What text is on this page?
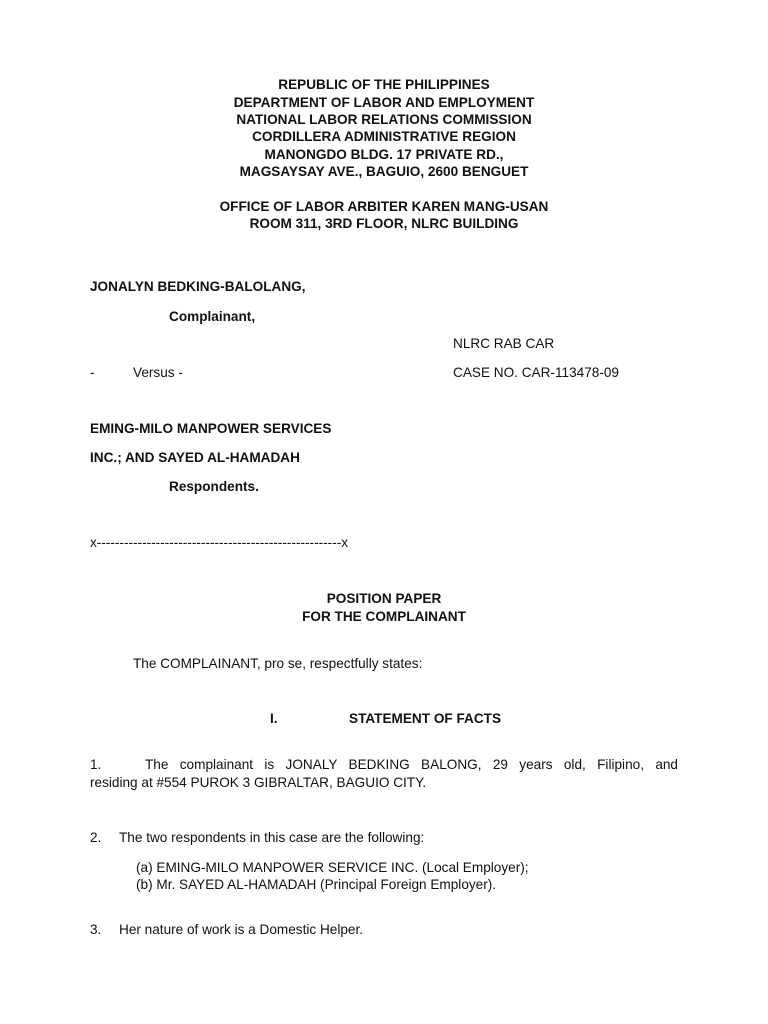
REPUBLIC OF THE PHILIPPINES
DEPARTMENT OF LABOR AND EMPLOYMENT
NATIONAL LABOR RELATIONS COMMISSION
CORDILLERA ADMINISTRATIVE REGION
MANONGDO BLDG. 17 PRIVATE RD.,
MAGSAYSAY AVE., BAGUIO, 2600 BENGUET
OFFICE OF LABOR ARBITER KAREN MANG-USAN
ROOM 311, 3RD FLOOR, NLRC BUILDING
JONALYN BEDKING-BALOLANG,
Complainant,
NLRC RAB CAR
-	Versus -	CASE NO. CAR-113478-09
EMING-MILO MANPOWER SERVICES
INC.; AND SAYED AL-HAMADAH
Respondents.
x------------------------------------------------------x
POSITION PAPER
FOR THE COMPLAINANT
The COMPLAINANT, pro se, respectfully states:
I.	STATEMENT OF FACTS
1.	The complainant is JONALY BEDKING BALONG, 29 years old, Filipino, and
residing at #554 PUROK 3 GIBRALTAR, BAGUIO CITY.
2. The two respondents in this case are the following:
(a) EMING-MILO MANPOWER SERVICE INC. (Local Employer);
(b) Mr. SAYED AL-HAMADAH (Principal Foreign Employer).
3. Her nature of work is a Domestic Helper.
